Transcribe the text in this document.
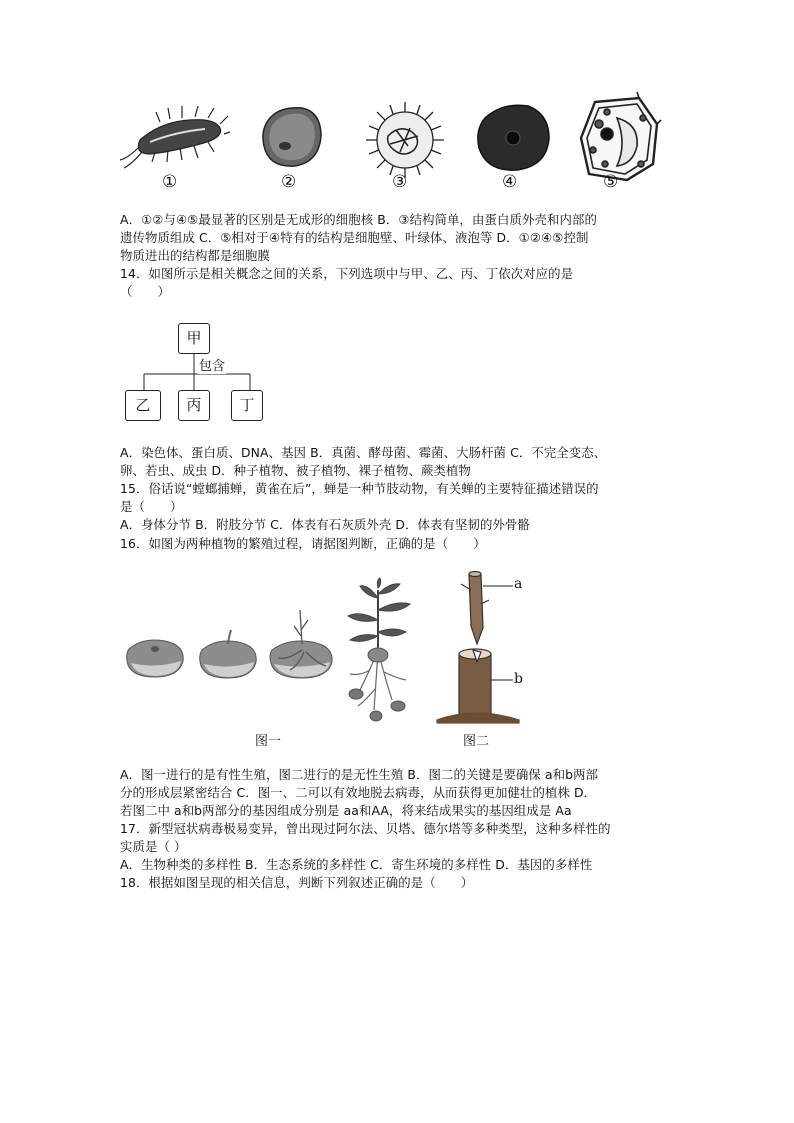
①	②	③	④	⑤
A．①②与④⑤最显著的区别是无成形的细胞核 B．③结构简单，由蛋白质外壳和内部的
遗传物质组成 C．⑤相对于④特有的结构是细胞壁、叶绿体、液泡等 D．①②④⑤控制
物质进出的结构都是细胞膜
14．如图所示是相关概念之间的关系，下列选项中与甲、乙、丙、丁依次对应的是
（　　）
甲
包含
乙	丙	丁
A．染色体、蛋白质、DNA、基因 B．真菌、酵母菌、霉菌、大肠杆菌 C．不完全变态、
卵、若虫、成虫 D．种子植物、被子植物、裸子植物、蕨类植物
15．俗话说“螳螂捕蝉，黄雀在后”，蝉是一种节肢动物，有关蝉的主要特征描述错误的
是（　　）
A．身体分节 B．附肢分节 C．体表有石灰质外壳 D．体表有坚韧的外骨骼
16．如图为两种植物的繁殖过程，请据图判断，正确的是（　　）
a
b
图一	图二
A．图一进行的是有性生殖，图二进行的是无性生殖 B．图二的关键是要确保 a和b两部
分的形成层紧密结合 C．图一、二可以有效地脱去病毒，从而获得更加健壮的植株 D．
若图二中 a和b两部分的基因组成分别是 aa和AA，将来结成果实的基因组成是 Aa
17．新型冠状病毒极易变异，曾出现过阿尔法、贝塔、德尔塔等多种类型，这种多样性的
实质是（ ）
A．生物种类的多样性 B．生态系统的多样性 C．寄生环境的多样性 D．基因的多样性
18．根据如图呈现的相关信息，判断下列叙述正确的是（　　）
